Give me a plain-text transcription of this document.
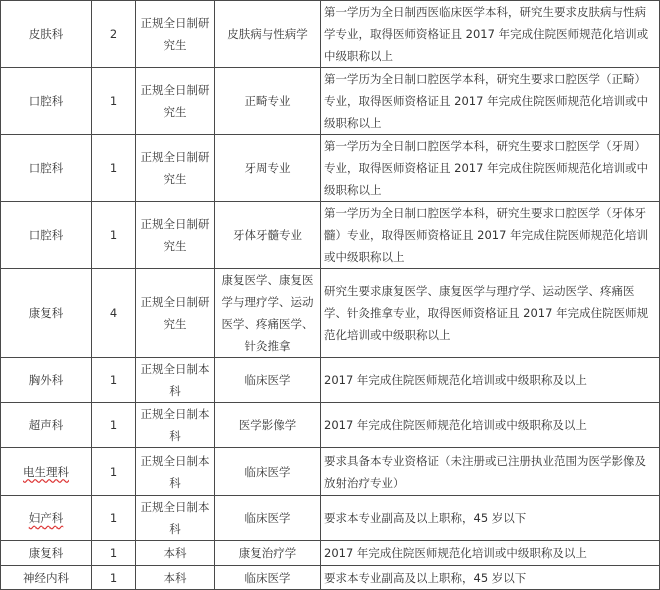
皮肤科	2	正规全日制研究生	皮肤病与性病学	第一学历为全日制西医临床医学本科，研究生要求皮肤病与性病学专业，取得医师资格证且 2017 年完成住院医师规范化培训或中级职称以上
口腔科	1	正规全日制研究生	正畸专业	第一学历为全日制口腔医学本科，研究生要求口腔医学（正畸）专业，取得医师资格证且 2017 年完成住院医师规范化培训或中级职称以上
口腔科	1	正规全日制研究生	牙周专业	第一学历为全日制口腔医学本科，研究生要求口腔医学（牙周）专业，取得医师资格证且 2017 年完成住院医师规范化培训或中级职称以上
口腔科	1	正规全日制研究生	牙体牙髓专业	第一学历为全日制口腔医学本科，研究生要求口腔医学（牙体牙髓）专业，取得医师资格证且 2017 年完成住院医师规范化培训或中级职称以上
康复科	4	正规全日制研究生	康复医学、康复医学与理疗学、运动医学、疼痛医学、针灸推拿	研究生要求康复医学、康复医学与理疗学、运动医学、疼痛医学、针灸推拿专业，取得医师资格证且 2017 年完成住院医师规范化培训或中级职称以上
胸外科	1	正规全日制本科	临床医学	2017 年完成住院医师规范化培训或中级职称及以上
超声科	1	正规全日制本科	医学影像学	2017 年完成住院医师规范化培训或中级职称及以上
电生理科	1	正规全日制本科	临床医学	要求具备本专业资格证（未注册或已注册执业范围为医学影像及放射治疗专业）
妇产科	1	正规全日制本科	临床医学	要求本专业副高及以上职称，45 岁以下
康复科	1	本科	康复治疗学	2017 年完成住院医师规范化培训或中级职称及以上
神经内科	1	本科	临床医学	要求本专业副高及以上职称，45 岁以下
